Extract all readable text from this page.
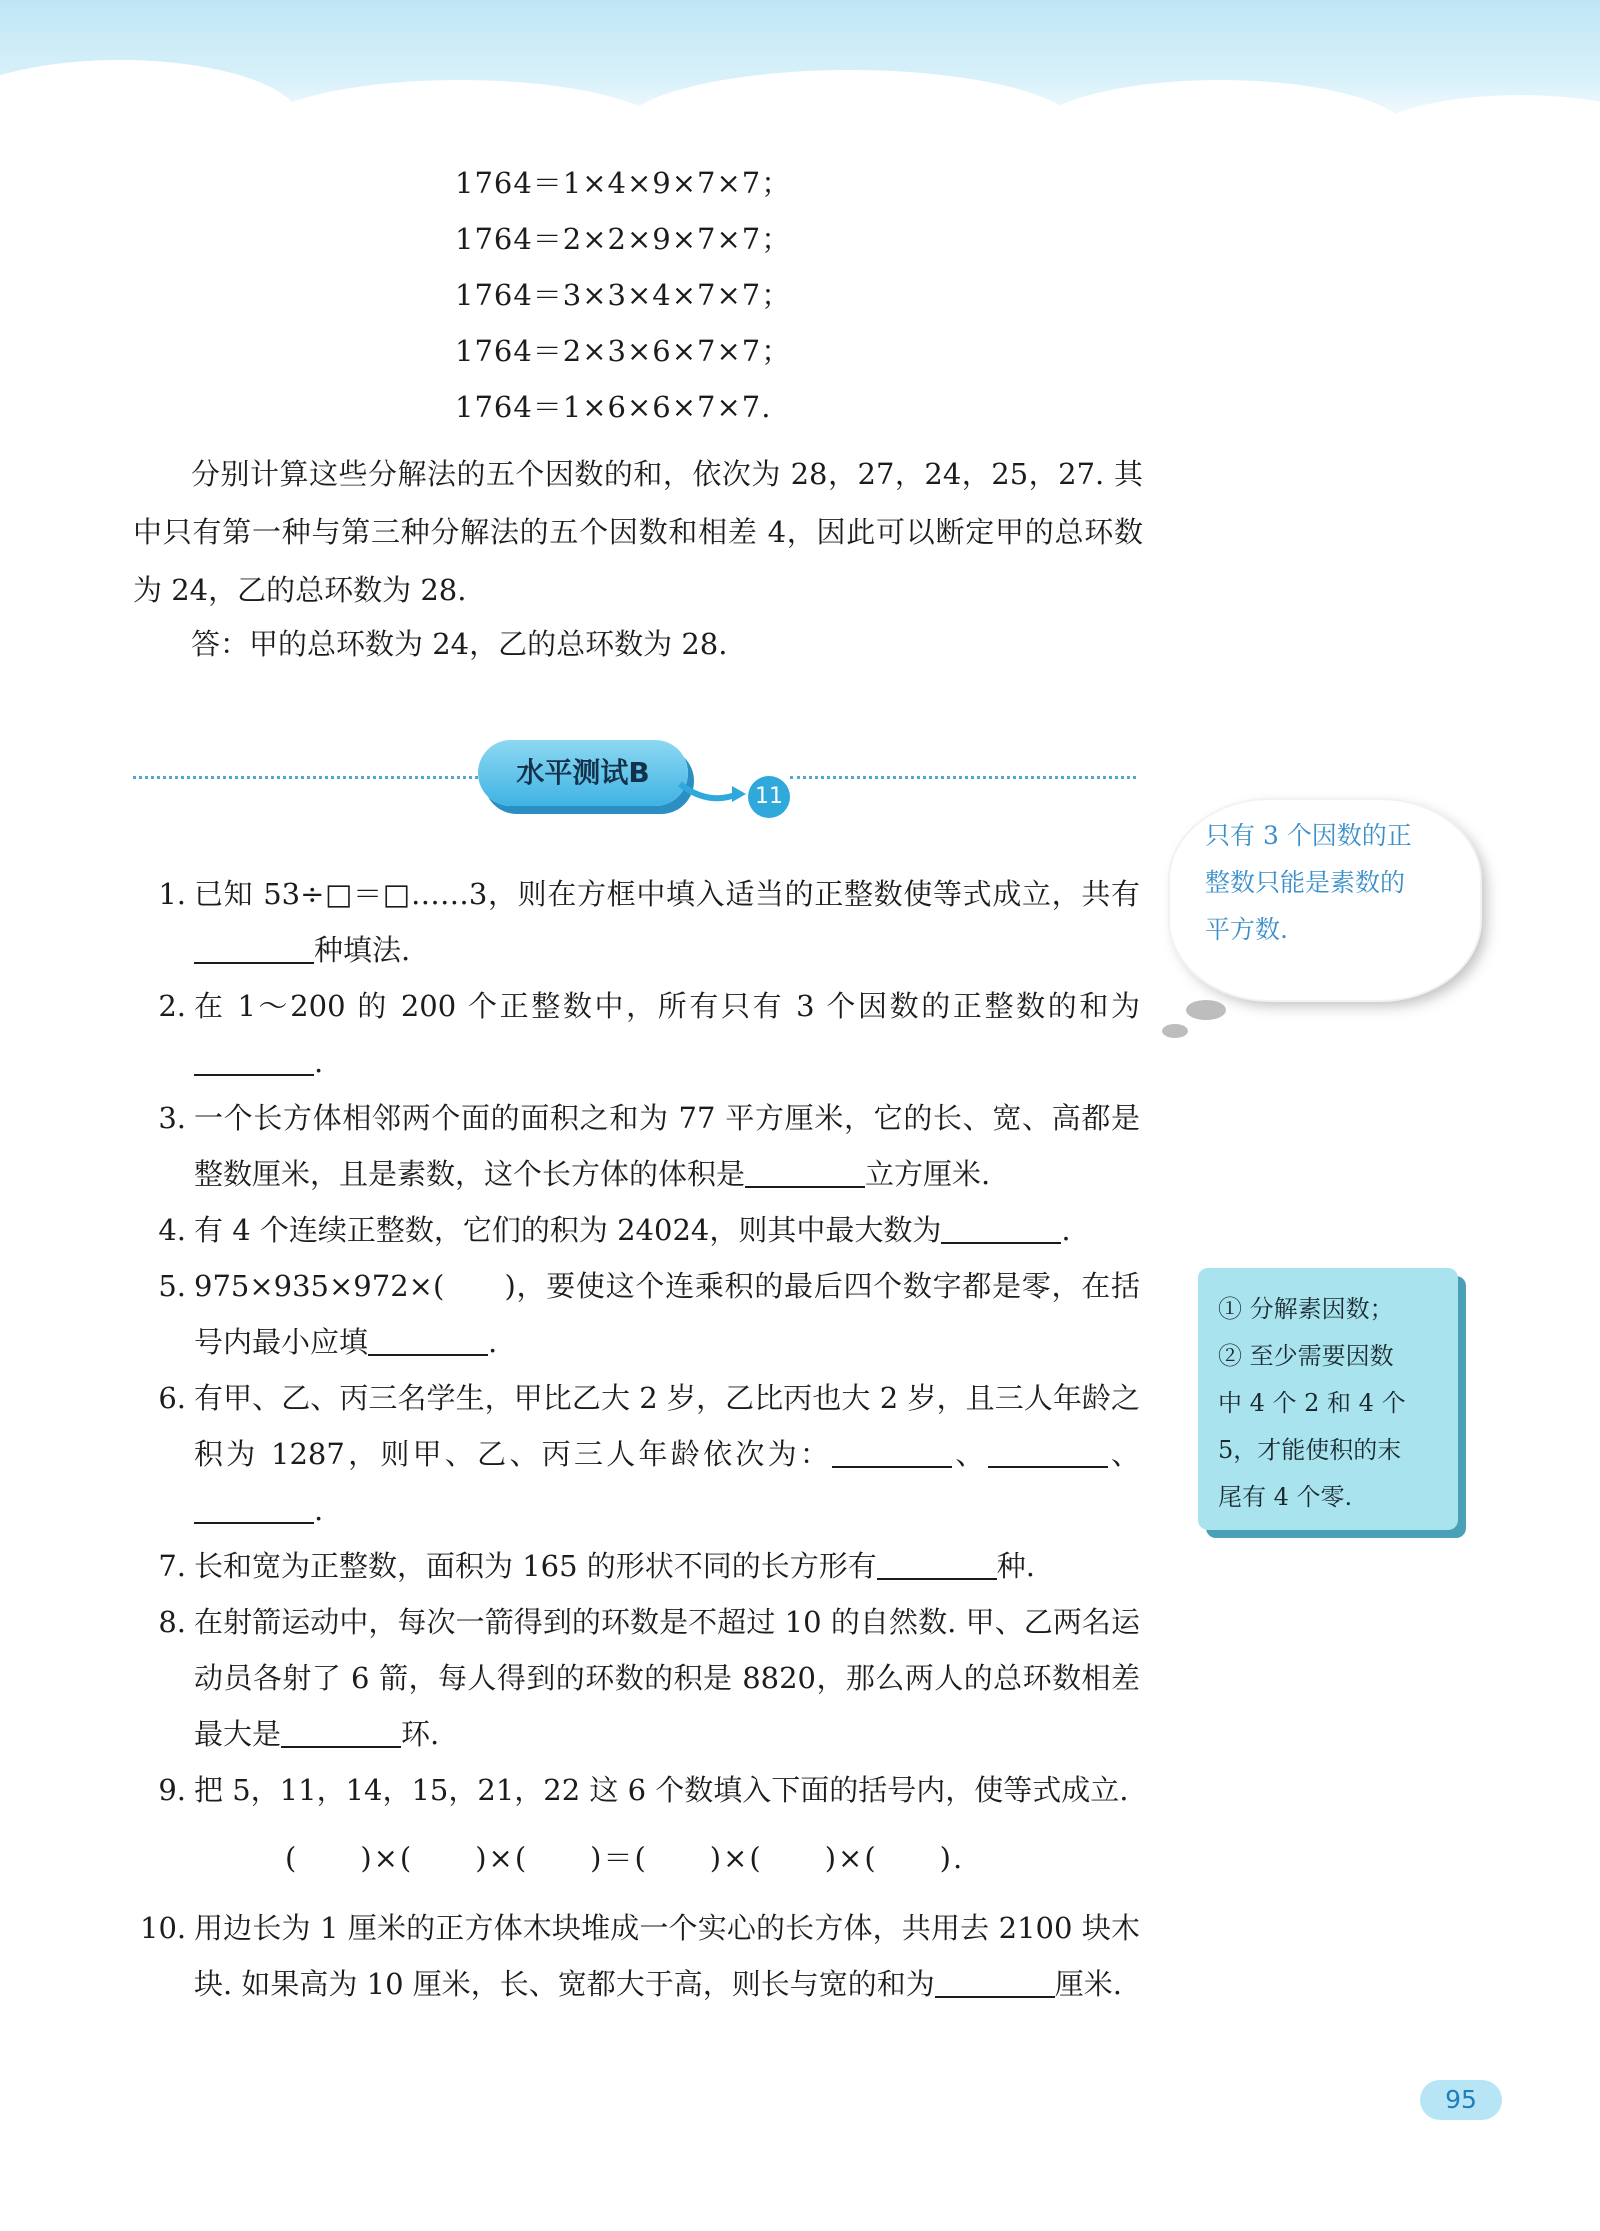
1764＝1×4×9×7×7；
1764＝2×2×9×7×7；
1764＝3×3×4×7×7；
1764＝2×3×6×7×7；
1764＝1×6×6×7×7.

分别计算这些分解法的五个因数的和，依次为 28，27，24，25，27. 其中只有第一种与第三种分解法的五个因数和相差 4，因此可以断定甲的总环数为 24，乙的总环数为 28.

答：甲的总环数为 24，乙的总环数为 28.

水平测试B
11
1. 已知 53÷□＝□……3，则在方框中填入适当的正整数使等式成立，共有种填法.
2. 在 1～200 的 200 个正整数中，所有只有 3 个因数的正整数的和为.
3. 一个长方体相邻两个面的面积之和为 77 平方厘米，它的长、宽、高都是整数厘米，且是素数，这个长方体的体积是	立方厘米.
4. 有 4 个连续正整数，它们的积为 24024，则其中最大数为	.
5. 975×935×972×(　　)，要使这个连乘积的最后四个数字都是零，在括号内最小应填	.
6. 有甲、乙、丙三名学生，甲比乙大 2 岁，乙比丙也大 2 岁，且三人年龄之积为 1287，则甲、乙、丙三人年龄依次为：	、	、.
7. 长和宽为正整数，面积为 165 的形状不同的长方形有	种.
8. 在射箭运动中，每次一箭得到的环数是不超过 10 的自然数. 甲、乙两名运动员各射了 6 箭，每人得到的环数的积是 8820，那么两人的总环数相差最大是	环.
9. 把 5，11，14，15，21，22 这 6 个数填入下面的括号内，使等式成立.
(　　)×(　　)×(　　)＝(　　)×(　　)×(　　).
10. 用边长为 1 厘米的正方体木块堆成一个实心的长方体，共用去 2100 块木块. 如果高为 10 厘米，长、宽都大于高，则长与宽的和为	厘米.
只有 3 个因数的正
整数只能是素数的
平方数.
① 分解素因数；
② 至少需要因数
中 4 个 2 和 4 个
5，才能使积的末
尾有 4 个零.
95
